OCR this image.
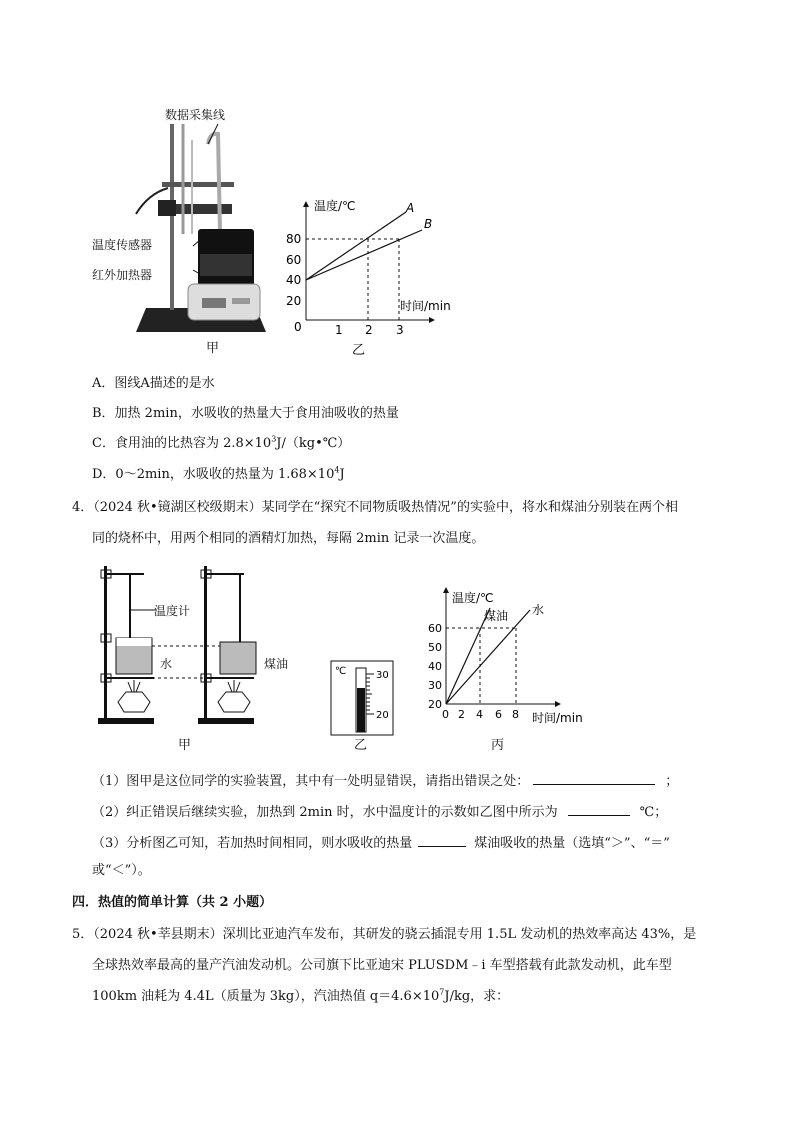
数据采集线
温度传感器
红外加热器
甲
温度/℃	A
B
80
60
40
20
0	1 2 3
时间/min
乙
A．图线A描述的是水
B．加热 2min，水吸收的热量大于食用油吸收的热量
C．食用油的比热容为 $2.8\times 10^3J/(kg•℃)$
D．0～2min，水吸收的热量为 $1.68\times 10^4J$
4．（2024 秋•镜湖区校级期末）某同学在“探究不同物质吸热情况”的实验中，将水和煤油分别装在两个相
同的烧杯中，用两个相同的酒精灯加热，每隔 2min 记录一次温度。
温度计
水	煤油
甲
℃	30
20
乙
温度/℃
煤油 水
60
50
40
30
20
0 2 4 6 8 时间/min
丙
（1）图甲是这位同学的实验装置，其中有一处明显错误，请指出错误之处：	；
（2）纠正错误后继续实验，加热到 2min 时，水中温度计的示数如乙图中所示为	℃；
（3）分析图乙可知，若加热时间相同，则水吸收的热量	煤油吸收的热量（选填“＞”、“＝”
或“＜”）。
四．热值的简单计算（共 2 小题）
5．（2024 秋•莘县期末）深圳比亚迪汽车发布，其研发的骁云插混专用 1.5L 发动机的热效率高达 43%，是
全球热效率最高的量产汽油发动机。公司旗下比亚迪宋 PLUSDM﹣i 车型搭载有此款发动机，此车型
100km 油耗为 4.4L（质量为 3kg），汽油热值 $q=4.6\times 10^7J/kg$，求：
